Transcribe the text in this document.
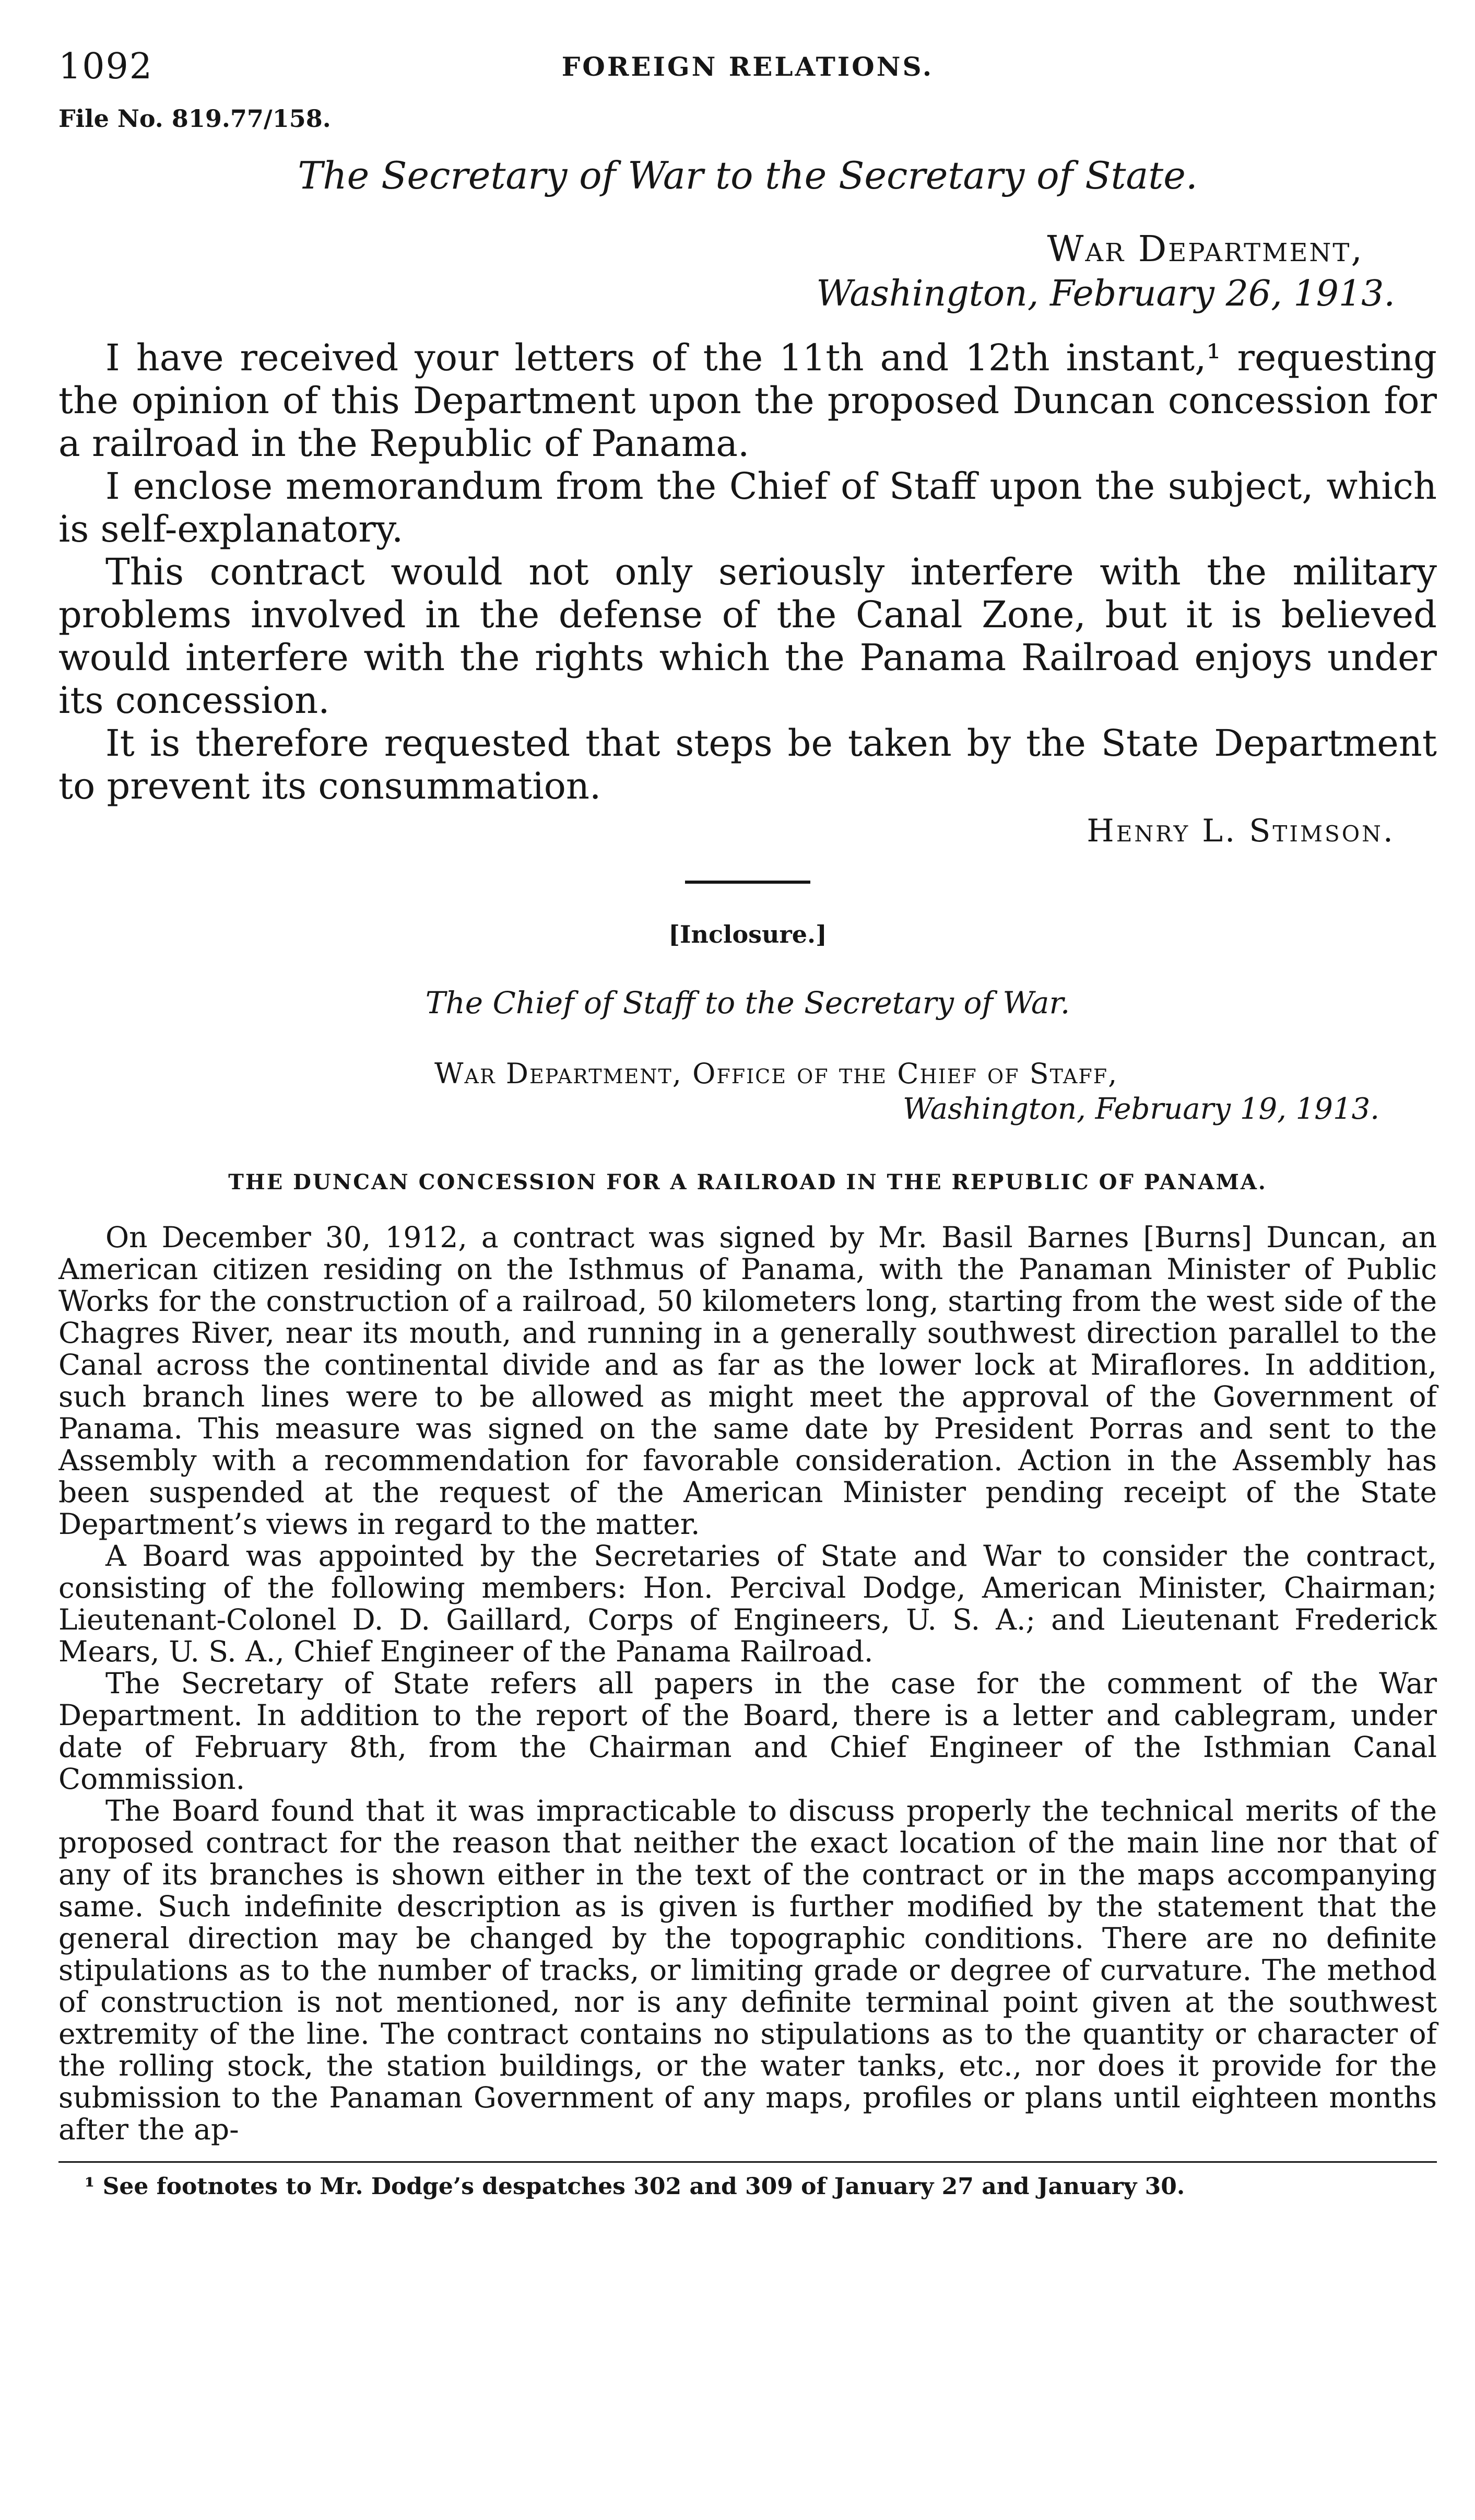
1092	FOREIGN RELATIONS.
File No. 819.77/158.
The Secretary of War to the Secretary of State.
War Department,
Washington, February 26, 1913.

I have received your letters of the 11th and 12th instant,¹ requesting the opinion of this Department upon the proposed Duncan concession for a railroad in the Republic of Panama.

I enclose memorandum from the Chief of Staff upon the subject, which is self-explanatory.

This contract would not only seriously interfere with the military problems involved in the defense of the Canal Zone, but it is believed would interfere with the rights which the Panama Railroad enjoys under its concession.

It is therefore requested that steps be taken by the State Department to prevent its consummation.

Henry L. Stimson.
[Inclosure.]
The Chief of Staff to the Secretary of War.
War Department, Office of the Chief of Staff,
Washington, February 19, 1913.
THE DUNCAN CONCESSION FOR A RAILROAD IN THE REPUBLIC OF PANAMA.

On December 30, 1912, a contract was signed by Mr. Basil Barnes [Burns] Duncan, an American citizen residing on the Isthmus of Panama, with the Panaman Minister of Public Works for the construction of a railroad, 50 kilometers long, starting from the west side of the Chagres River, near its mouth, and running in a generally southwest direction parallel to the Canal across the continental divide and as far as the lower lock at Miraflores. In addition, such branch lines were to be allowed as might meet the approval of the Government of Panama. This measure was signed on the same date by President Porras and sent to the Assembly with a recommendation for favorable consideration. Action in the Assembly has been suspended at the request of the American Minister pending receipt of the State Department’s views in regard to the matter.

A Board was appointed by the Secretaries of State and War to consider the contract, consisting of the following members: Hon. Percival Dodge, American Minister, Chairman; Lieutenant-Colonel D. D. Gaillard, Corps of Engineers, U. S. A.; and Lieutenant Frederick Mears, U. S. A., Chief Engineer of the Panama Railroad.

The Secretary of State refers all papers in the case for the comment of the War Department. In addition to the report of the Board, there is a letter and cablegram, under date of February 8th, from the Chairman and Chief Engineer of the Isthmian Canal Commission.

The Board found that it was impracticable to discuss properly the technical merits of the proposed contract for the reason that neither the exact location of the main line nor that of any of its branches is shown either in the text of the contract or in the maps accompanying same. Such indefinite description as is given is further modified by the statement that the general direction may be changed by the topographic conditions. There are no definite stipulations as to the number of tracks, or limiting grade or degree of curvature. The method of construction is not mentioned, nor is any definite terminal point given at the southwest extremity of the line. The contract contains no stipulations as to the quantity or character of the rolling stock, the station buildings, or the water tanks, etc., nor does it provide for the submission to the Panaman Government of any maps, profiles or plans until eighteen months after the ap-

¹ See footnotes to Mr. Dodge’s despatches 302 and 309 of January 27 and January 30.
